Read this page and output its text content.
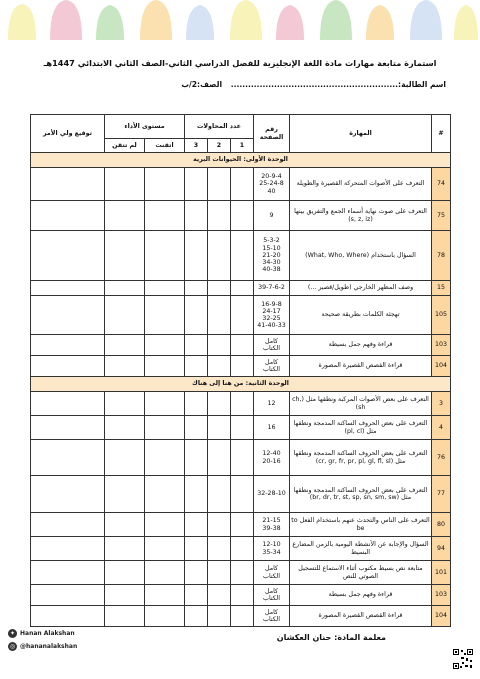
استمارة متابعة مهارات مادة اللغة الإنجليزية للفصل الدراسي الثاني-الصف الثاني الابتدائي 1447هـ
اسم الطالبة:.......................................................... الصف:2/ب
#	المهارة	رقم الصفحة	عدد المحاولات			مستوى الأداء		توقيع ولي الأمر
			1	2	3	اتقنت	لم تتقن	
الوحدة الأولى: الحيوانات البرية								
74	التعرف على الأصوات المتحركة القصيرة والطويلة	20-9-4
25-24-8
40						
75	التعرف على صوت نهاية أسماء الجمع والتفريق بينها (s, z, iz)	9						
78	السؤال باستخدام (What, Who, Where)	5-3-2
15-10
21-20
34-30
40-38						
15	وصف المظهر الخارجي (طويل/قصير ...)	39-7-6-2						
105	تهجئة الكلمات بطريقة صحيحة	16-9-8
24-17
32-25
41-40-33						
103	قراءة وفهم جمل بسيطة	كامل
الكتاب						
104	قراءة القصص القصيرة المصورة	كامل
الكتاب						
الوحدة الثانية: من هنا إلى هناك								
3	التعرف على بعض الأصوات المركبة ونطقها مثل (ch, sh)	12						
4	التعرف على بعض الحروف الساكنة المدمجة ونطقها مثل (pl, cl)	16						
76	التعرف على بعض الحروف الساكنة المدمجة ونطقها مثل (cr, gr, fr, pr, pl, gl, fl, sl)	12-40
20-16						
77	التعرف على بعض الحروف الساكنة المدمجة ونطقها مثل (br, dr, tr, st, sp, sn, sm, sw)	32-28-10						
80	التعرف على الناس والتحدث عنهم باستخدام الفعل to be	21-15
39-38						
94	السؤال والإجابة عن الأنشطة اليومية بالزمن المضارع البسيط	12-10
35-34						
101	متابعة نص بسيط مكتوب أثناء الاستماع للتسجيل الصوتي للنص	كامل
الكتاب						
103	قراءة وفهم جمل بسيطة	كامل
الكتاب						
104	قراءة القصص القصيرة المصورة	كامل
الكتاب						
✦ Hanan Alakshan
◎ @hananalakshan
معلمة المادة: حنان العكشان
